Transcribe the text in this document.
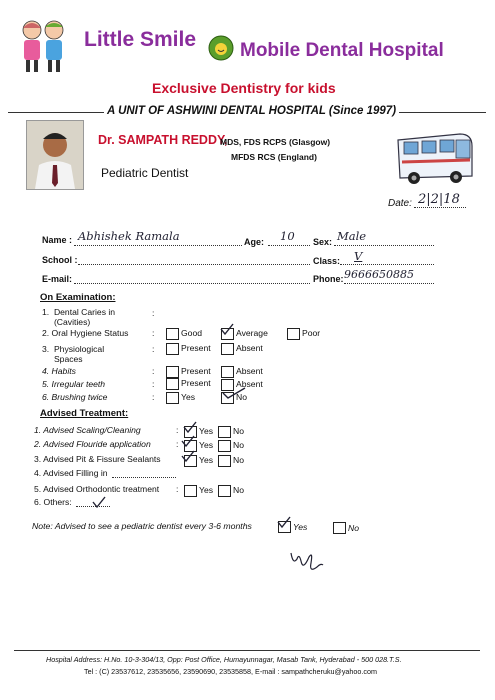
Little Smile Mobile Dental Hospital
Exclusive Dentistry for kids
A UNIT OF ASHWINI DENTAL HOSPITAL (Since 1997)
Dr. SAMPATH REDDY,
MDS, FDS RCPS (Glasgow)
MFDS RCS (England)
Pediatric Dentist
Date: 2|2|18
Name : Abhishek Ramala	Age: 10 Sex: Male
School :	Class: V
E-mail:	Phone: 9666650885
On Examination:
1.  Dental Caries in
(Cavities)
:
2. Oral Hygiene Status	:	Good	Average	Poor
3.  Physiological
Spaces
:	Present	Absent
4. Habits	:	Present	Absent
5. Irregular teeth	:	Present	Absent
6. Brushing twice	:	Yes	No
Advised Treatment:
1. Advised Scaling/Cleaning	: Yes No
2. Advised Flouride application	: Yes No
3. Advised Pit & Fissure Sealants	Yes No
4. Advised Filling in
5. Advised Orthodontic treatment : Yes No
6. Others:
Note: Advised to see a pediatric dentist every 3-6 months	Yes	No
Hospital Address: H.No. 10-3-304/13, Opp: Post Office, Humayunnagar, Masab Tank, Hyderabad - 500 028.T.S.
Tel : (C) 23537612, 23535656, 23590690, 23535858, E-mail : sampathcheruku@yahoo.com
